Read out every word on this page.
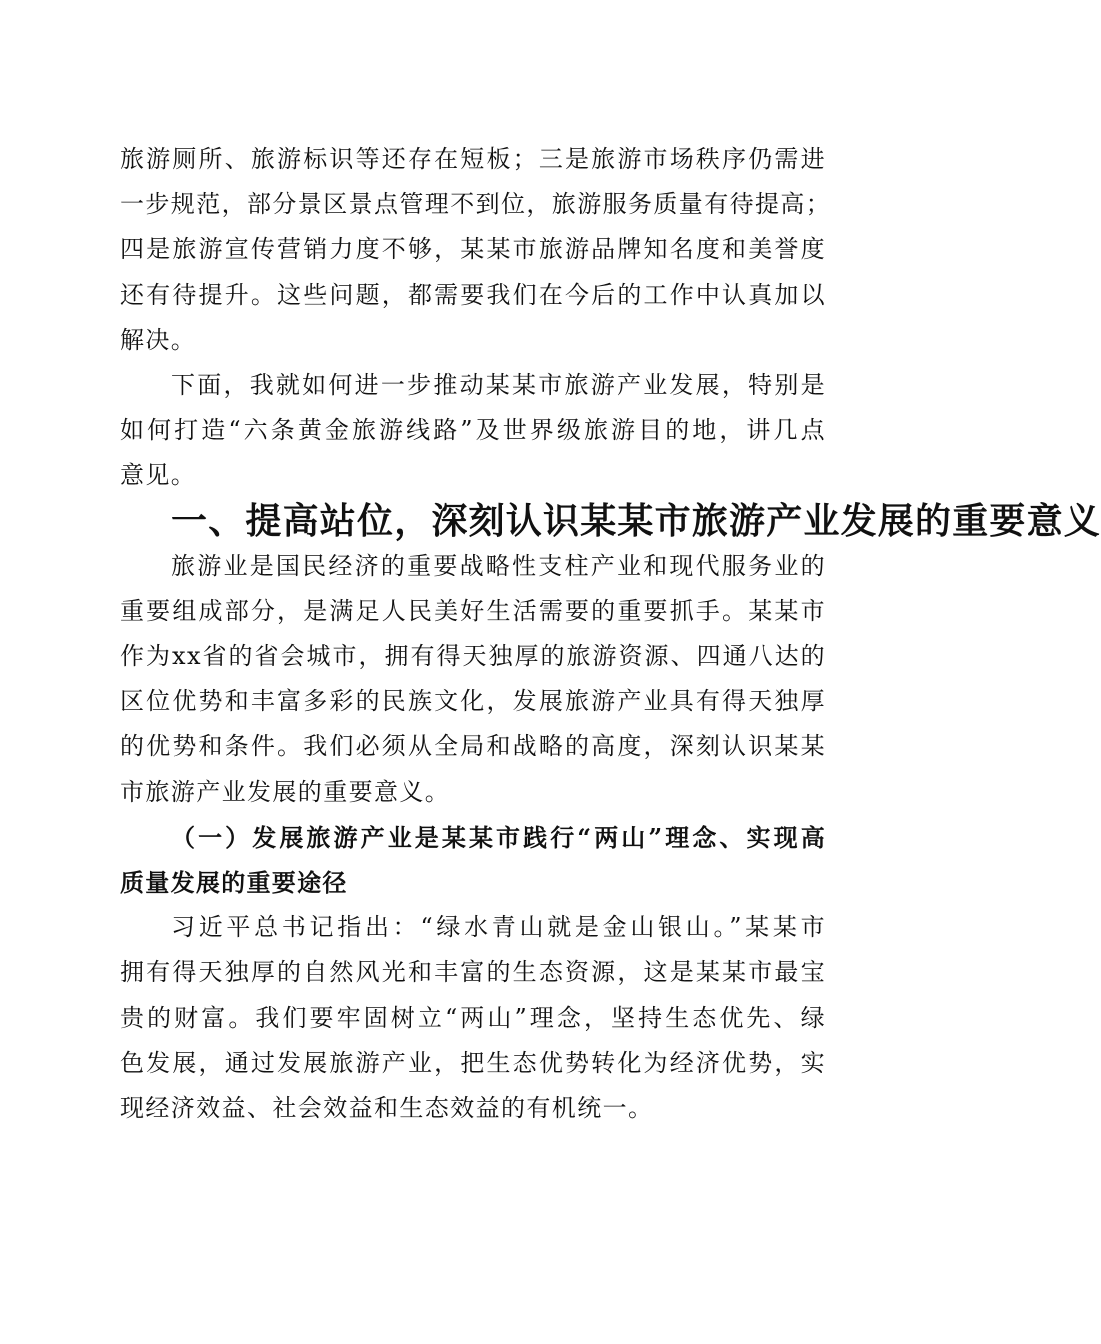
旅游厕所、旅游标识等还存在短板；三是旅游市场秩序仍需进

一步规范，部分景区景点管理不到位，旅游服务质量有待提高；

四是旅游宣传营销力度不够，某某市旅游品牌知名度和美誉度

还有待提升。这些问题，都需要我们在今后的工作中认真加以

解决。

下面，我就如何进一步推动某某市旅游产业发展，特别是

如何打造“六条黄金旅游线路”及世界级旅游目的地，讲几点

意见。

一、提高站位，深刻认识某某市旅游产业发展的重要意义

旅游业是国民经济的重要战略性支柱产业和现代服务业的

重要组成部分，是满足人民美好生活需要的重要抓手。某某市

作为xx省的省会城市，拥有得天独厚的旅游资源、四通八达的

区位优势和丰富多彩的民族文化，发展旅游产业具有得天独厚

的优势和条件。我们必须从全局和战略的高度，深刻认识某某

市旅游产业发展的重要意义。

（一）发展旅游产业是某某市践行“两山”理念、实现高

质量发展的重要途径

习近平总书记指出：“绿水青山就是金山银山。”某某市

拥有得天独厚的自然风光和丰富的生态资源，这是某某市最宝

贵的财富。我们要牢固树立“两山”理念，坚持生态优先、绿

色发展，通过发展旅游产业，把生态优势转化为经济优势，实

现经济效益、社会效益和生态效益的有机统一。
